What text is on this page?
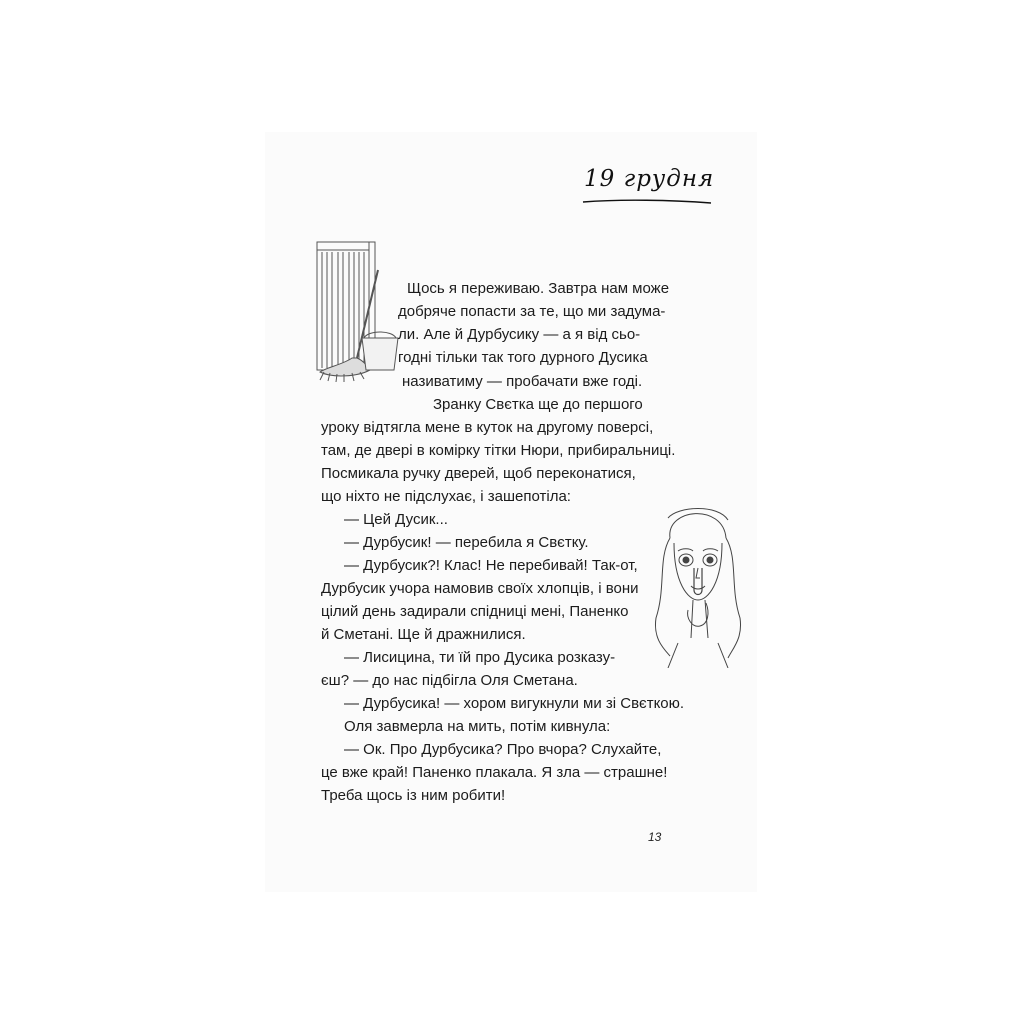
19 грудня
Щось я переживаю. Завтра нам може
добряче попасти за те, що ми задума-
ли. Але й Дурбусику — а я від сьо-
годні тільки так того дурного Дусика
називатиму — пробачати вже годі.
Зранку Свєтка ще до першого
уроку відтягла мене в куток на другому поверсі,
там, де двері в комірку тітки Нюри, прибиральниці.
Посмикала ручку дверей, щоб переконатися,
що ніхто не підслухає, і зашепотіла:
— Цей Дусик...
— Дурбусик! — перебила я Свєтку.
— Дурбусик?! Клас! Не перебивай! Так-от,
Дурбусик учора намовив своїх хлопців, і вони
цілий день задирали спідниці мені, Паненко
й Сметані. Ще й дражнилися.
— Лисицина, ти їй про Дусика розказу-
єш? — до нас підбігла Оля Сметана.
— Дурбусика! — хором вигукнули ми зі Свєткою.
Оля завмерла на мить, потім кивнула:
— Ок. Про Дурбусика? Про вчора? Слухайте,
це вже край! Паненко плакала. Я зла — страшне!
Треба щось із ним робити!
13
